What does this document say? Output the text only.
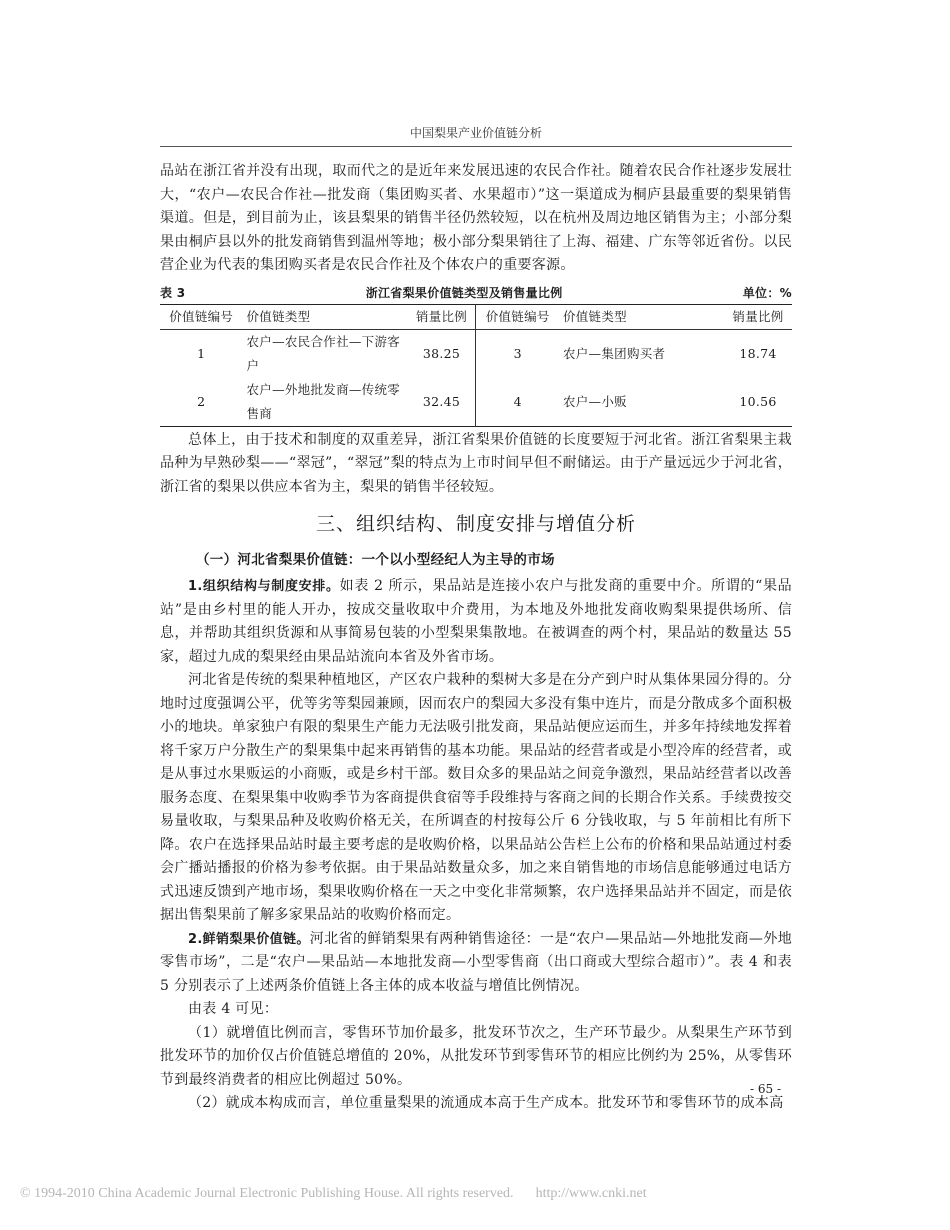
中国梨果产业价值链分析

品站在浙江省并没有出现，取而代之的是近年来发展迅速的农民合作社。随着农民合作社逐步发展壮大，“农户—农民合作社—批发商（集团购买者、水果超市）”这一渠道成为桐庐县最重要的梨果销售渠道。但是，到目前为止，该县梨果的销售半径仍然较短，以在杭州及周边地区销售为主；小部分梨果由桐庐县以外的批发商销售到温州等地；极小部分梨果销往了上海、福建、广东等邻近省份。以民营企业为代表的集团购买者是农民合作社及个体农户的重要客源。

表 3	浙江省梨果价值链类型及销售量比例	单位：%
价值链编号	价值链类型	销量比例	价值链编号	价值链类型	销量比例
1	农户—农民合作社—下游客户	38.25	3	农户—集团购买者	18.74
2	农户—外地批发商—传统零售商	32.45	4	农户—小贩	10.56

总体上，由于技术和制度的双重差异，浙江省梨果价值链的长度要短于河北省。浙江省梨果主栽品种为早熟砂梨——“翠冠”，“翠冠”梨的特点为上市时间早但不耐储运。由于产量远远少于河北省，浙江省的梨果以供应本省为主，梨果的销售半径较短。

三、组织结构、制度安排与增值分析
（一）河北省梨果价值链：一个以小型经纪人为主导的市场

1.组织结构与制度安排。如表 2 所示，果品站是连接小农户与批发商的重要中介。所谓的“果品站”是由乡村里的能人开办，按成交量收取中介费用，为本地及外地批发商收购梨果提供场所、信息，并帮助其组织货源和从事简易包装的小型梨果集散地。在被调查的两个村，果品站的数量达 55 家，超过九成的梨果经由果品站流向本省及外省市场。

河北省是传统的梨果种植地区，产区农户栽种的梨树大多是在分产到户时从集体果园分得的。分地时过度强调公平，优等劣等梨园兼顾，因而农户的梨园大多没有集中连片，而是分散成多个面积极小的地块。单家独户有限的梨果生产能力无法吸引批发商，果品站便应运而生，并多年持续地发挥着将千家万户分散生产的梨果集中起来再销售的基本功能。果品站的经营者或是小型冷库的经营者，或是从事过水果贩运的小商贩，或是乡村干部。数目众多的果品站之间竞争激烈，果品站经营者以改善服务态度、在梨果集中收购季节为客商提供食宿等手段维持与客商之间的长期合作关系。手续费按交易量收取，与梨果品种及收购价格无关，在所调查的村按每公斤 6 分钱收取，与 5 年前相比有所下降。农户在选择果品站时最主要考虑的是收购价格，以果品站公告栏上公布的价格和果品站通过村委会广播站播报的价格为参考依据。由于果品站数量众多，加之来自销售地的市场信息能够通过电话方式迅速反馈到产地市场，梨果收购价格在一天之中变化非常频繁，农户选择果品站并不固定，而是依据出售梨果前了解多家果品站的收购价格而定。

2.鲜销梨果价值链。河北省的鲜销梨果有两种销售途径：一是“农户—果品站—外地批发商—外地零售市场”，二是“农户—果品站—本地批发商—小型零售商（出口商或大型综合超市）”。表 4 和表 5 分别表示了上述两条价值链上各主体的成本收益与增值比例情况。

由表 4 可见：

（1）就增值比例而言，零售环节加价最多，批发环节次之，生产环节最少。从梨果生产环节到批发环节的加价仅占价值链总增值的 20%，从批发环节到零售环节的相应比例约为 25%，从零售环节到最终消费者的相应比例超过 50%。

（2）就成本构成而言，单位重量梨果的流通成本高于生产成本。批发环节和零售环节的成本高

- 65 -
© 1994-2010 China Academic Journal Electronic Publishing House. All rights reserved. http://www.cnki.net
